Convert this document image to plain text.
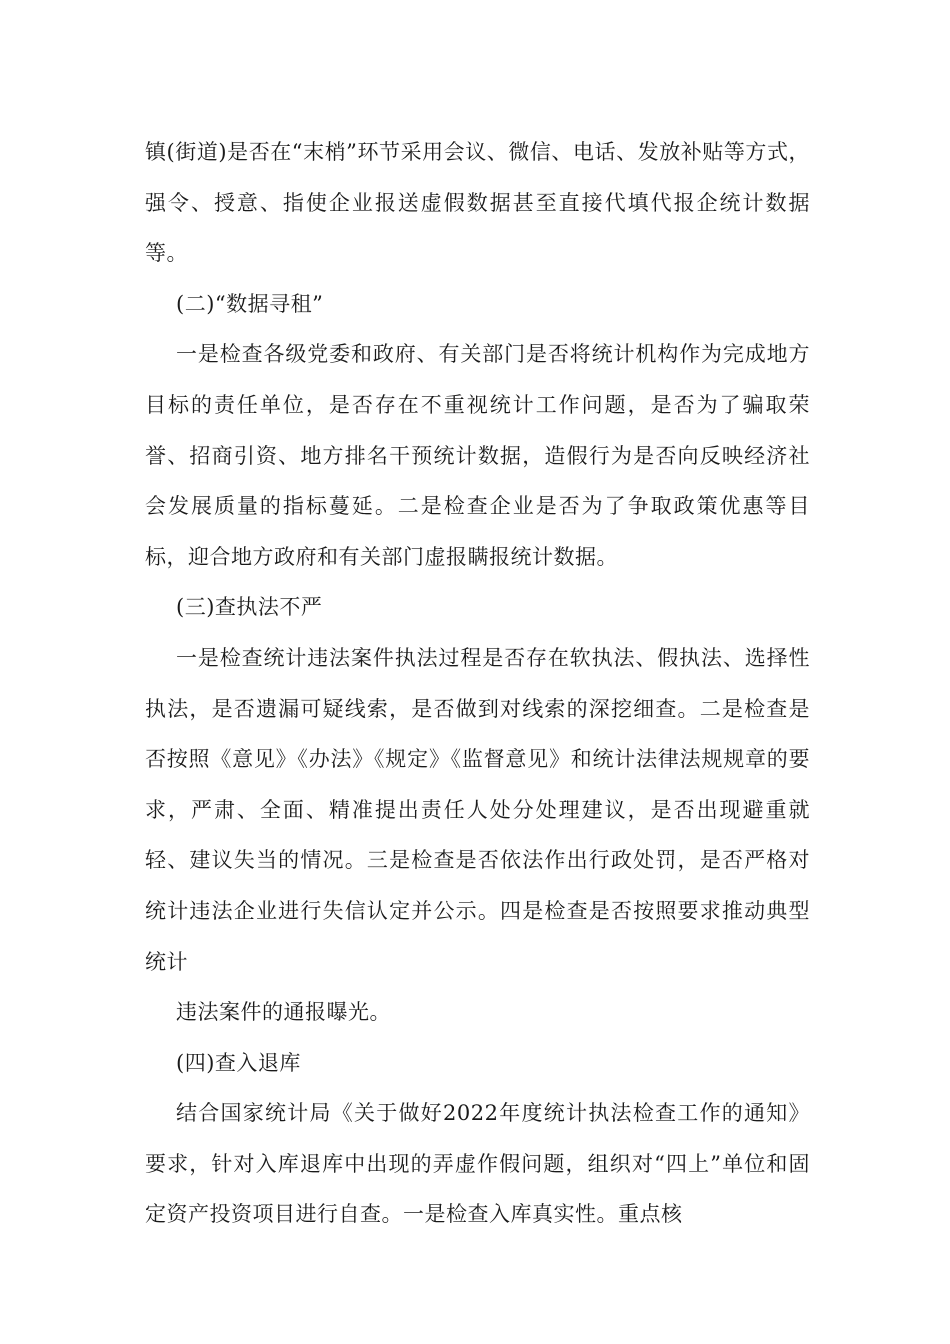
镇(街道)是否在“末梢”环节采用会议、微信、电话、发放补贴等方式，强令、授意、指使企业报送虚假数据甚至直接代填代报企统计数据等。

(二)“数据寻租”

一是检查各级党委和政府、有关部门是否将统计机构作为完成地方目标的责任单位，是否存在不重视统计工作问题，是否为了骗取荣誉、招商引资、地方排名干预统计数据，造假行为是否向反映经济社会发展质量的指标蔓延。二是检查企业是否为了争取政策优惠等目标，迎合地方政府和有关部门虚报瞒报统计数据。

(三)查执法不严

一是检查统计违法案件执法过程是否存在软执法、假执法、选择性执法，是否遗漏可疑线索，是否做到对线索的深挖细查。二是检查是否按照《意见》《办法》《规定》《监督意见》和统计法律法规规章的要求，严肃、全面、精准提出责任人处分处理建议，是否出现避重就轻、建议失当的情况。三是检查是否依法作出行政处罚，是否严格对统计违法企业进行失信认定并公示。四是检查是否按照要求推动典型统计

违法案件的通报曝光。

(四)查入退库

结合国家统计局《关于做好2022年度统计执法检查工作的通知》要求，针对入库退库中出现的弄虚作假问题，组织对“四上”单位和固定资产投资项目进行自查。一是检查入库真实性。重点核
